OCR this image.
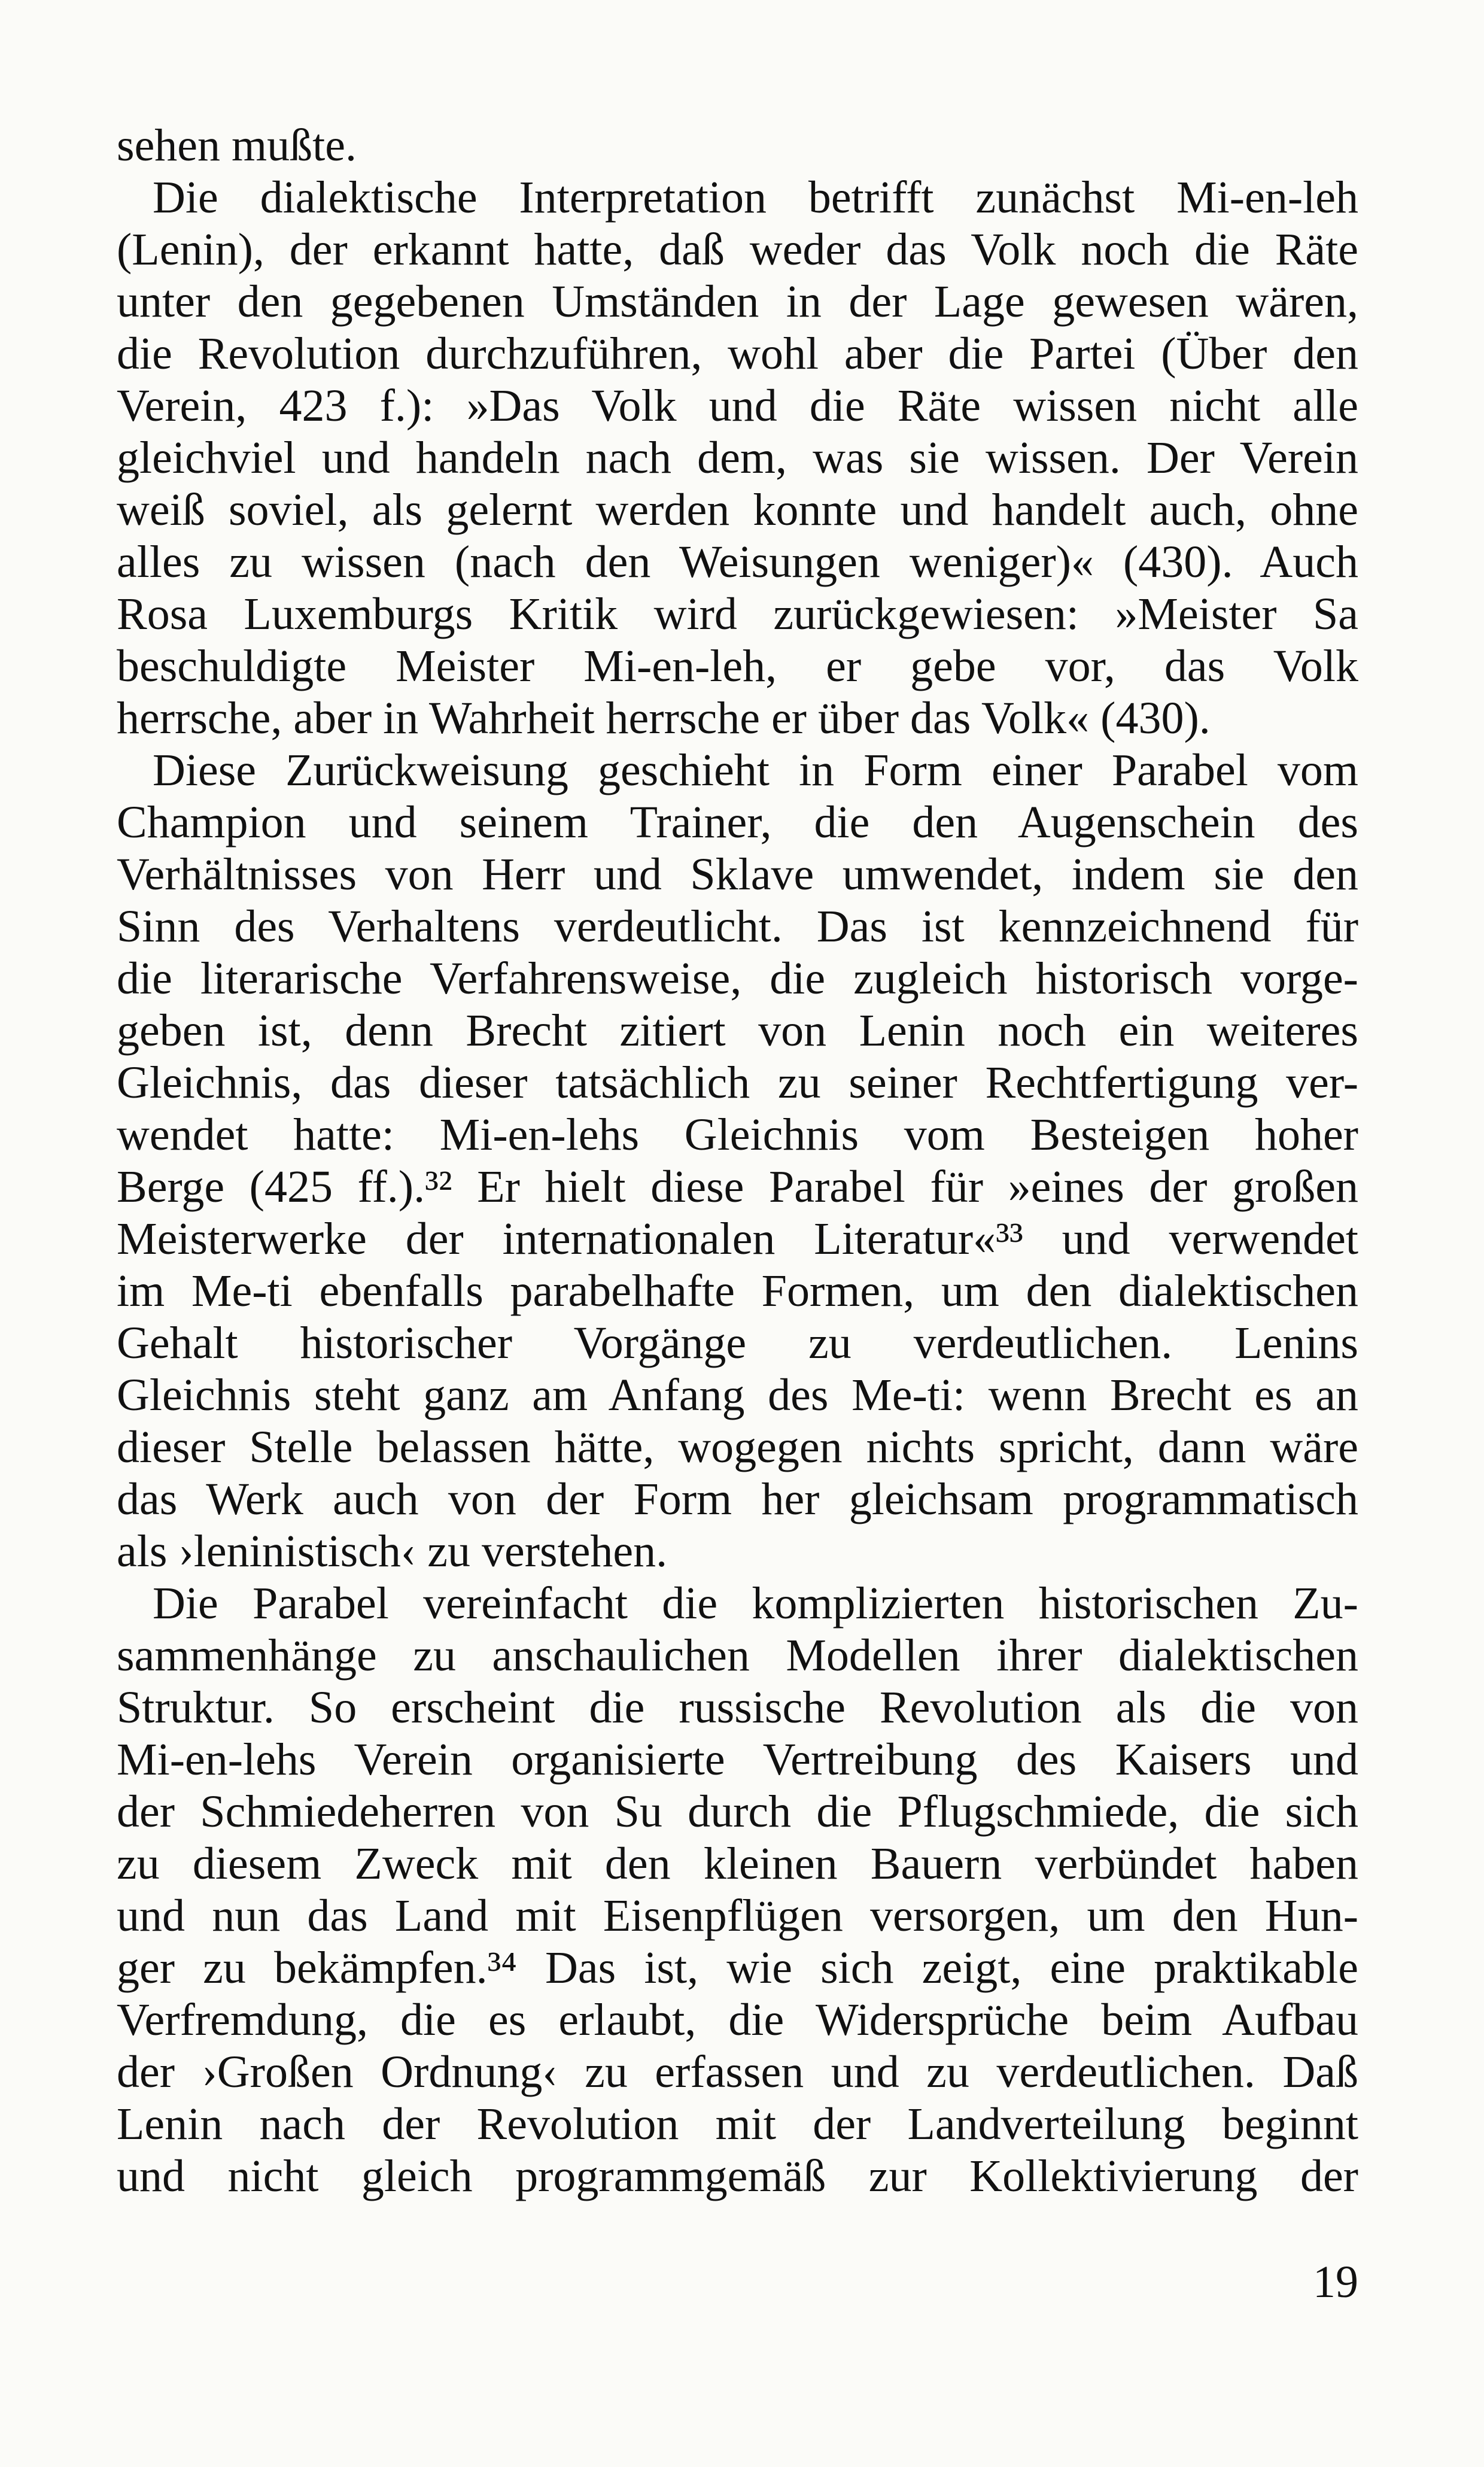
sehen mußte.
Die dialektische Interpretation betrifft zunächst Mi-en-leh
(Lenin), der erkannt hatte, daß weder das Volk noch die Räte
unter den gegebenen Umständen in der Lage gewesen wären,
die Revolution durchzuführen, wohl aber die Partei (Über den
Verein, 423 f.): »Das Volk und die Räte wissen nicht alle
gleichviel und handeln nach dem, was sie wissen. Der Verein
weiß soviel, als gelernt werden konnte und handelt auch, ohne
alles zu wissen (nach den Weisungen weniger)« (430). Auch
Rosa Luxemburgs Kritik wird zurückgewiesen: »Meister Sa
beschuldigte Meister Mi-en-leh, er gebe vor, das Volk
herrsche, aber in Wahrheit herrsche er über das Volk« (430).
Diese Zurückweisung geschieht in Form einer Parabel vom
Champion und seinem Trainer, die den Augenschein des
Verhältnisses von Herr und Sklave umwendet, indem sie den
Sinn des Verhaltens verdeutlicht. Das ist kennzeichnend für
die literarische Verfahrensweise, die zugleich historisch vorge-
geben ist, denn Brecht zitiert von Lenin noch ein weiteres
Gleichnis, das dieser tatsächlich zu seiner Rechtfertigung ver-
wendet hatte: Mi-en-lehs Gleichnis vom Besteigen hoher
Berge (425 ff.).³² Er hielt diese Parabel für »eines der großen
Meisterwerke der internationalen Literatur«³³ und verwendet
im Me-ti ebenfalls parabelhafte Formen, um den dialektischen
Gehalt historischer Vorgänge zu verdeutlichen. Lenins
Gleichnis steht ganz am Anfang des Me-ti: wenn Brecht es an
dieser Stelle belassen hätte, wogegen nichts spricht, dann wäre
das Werk auch von der Form her gleichsam programmatisch
als ›leninistisch‹ zu verstehen.
Die Parabel vereinfacht die komplizierten historischen Zu-
sammenhänge zu anschaulichen Modellen ihrer dialektischen
Struktur. So erscheint die russische Revolution als die von
Mi-en-lehs Verein organisierte Vertreibung des Kaisers und
der Schmiedeherren von Su durch die Pflugschmiede, die sich
zu diesem Zweck mit den kleinen Bauern verbündet haben
und nun das Land mit Eisenpflügen versorgen, um den Hun-
ger zu bekämpfen.³⁴ Das ist, wie sich zeigt, eine praktikable
Verfremdung, die es erlaubt, die Widersprüche beim Aufbau
der ›Großen Ordnung‹ zu erfassen und zu verdeutlichen. Daß
Lenin nach der Revolution mit der Landverteilung beginnt
und nicht gleich programmgemäß zur Kollektivierung der
19
